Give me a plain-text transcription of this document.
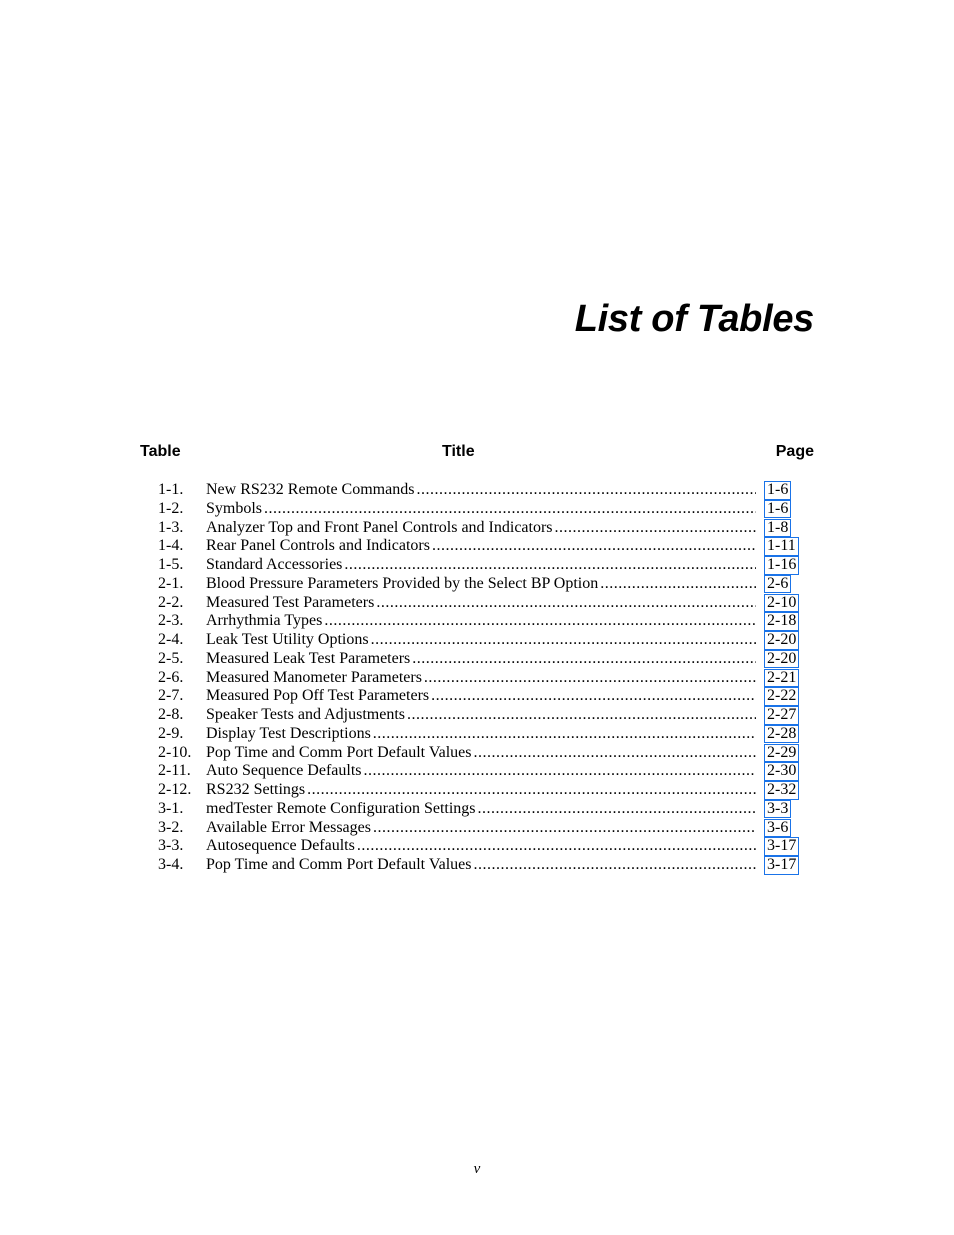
List of Tables
Table	Title	Page
1-1. New RS232 Remote Commands .....	1-6
1-2. Symbols .....	1-6
1-3. Analyzer Top and Front Panel Controls and Indicators .....	1-8
1-4. Rear Panel Controls and Indicators .....	1-11
1-5. Standard Accessories .....	1-16
2-1. Blood Pressure Parameters Provided by the Select BP Option .....	2-6
2-2. Measured Test Parameters .....	2-10
2-3. Arrhythmia Types .....	2-18
2-4. Leak Test Utility Options .....	2-20
2-5. Measured Leak Test Parameters .....	2-20
2-6. Measured Manometer Parameters .....	2-21
2-7. Measured Pop Off Test Parameters .....	2-22
2-8. Speaker Tests and Adjustments .....	2-27
2-9. Display Test Descriptions .....	2-28
2-10. Pop Time and Comm Port Default Values .....	2-29
2-11. Auto Sequence Defaults .....	2-30
2-12. RS232 Settings .....	2-32
3-1. medTester Remote Configuration Settings .....	3-3
3-2. Available Error Messages .....	3-6
3-3. Autosequence Defaults .....	3-17
3-4. Pop Time and Comm Port Default Values .....	3-17
v
